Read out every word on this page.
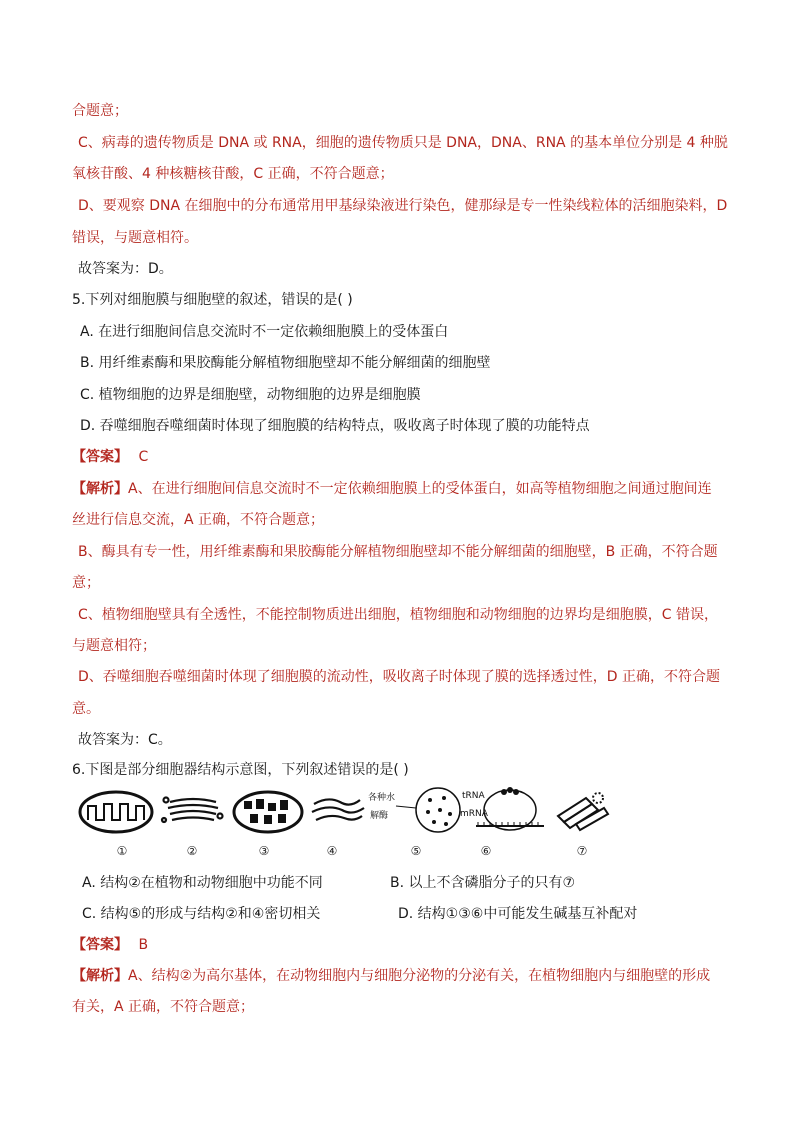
合题意；
C、病毒的遗传物质是 DNA 或 RNA，细胞的遗传物质只是 DNA，DNA、RNA 的基本单位分别是 4 种脱
氧核苷酸、4 种核糖核苷酸，C 正确，不符合题意；
D、要观察 DNA 在细胞中的分布通常用甲基绿染液进行染色，健那绿是专一性染线粒体的活细胞染料，D
错误，与题意相符。
故答案为：D。
5.下列对细胞膜与细胞壁的叙述，错误的是( )
A. 在进行细胞间信息交流时不一定依赖细胞膜上的受体蛋白
B. 用纤维素酶和果胶酶能分解植物细胞壁却不能分解细菌的细胞壁
C. 植物细胞的边界是细胞壁，动物细胞的边界是细胞膜
D. 吞噬细胞吞噬细菌时体现了细胞膜的结构特点，吸收离子时体现了膜的功能特点
【答案】 C
【解析】A、在进行细胞间信息交流时不一定依赖细胞膜上的受体蛋白，如高等植物细胞之间通过胞间连
丝进行信息交流，A 正确，不符合题意；
B、酶具有专一性，用纤维素酶和果胶酶能分解植物细胞壁却不能分解细菌的细胞壁，B 正确，不符合题
意；
C、植物细胞壁具有全透性，不能控制物质进出细胞，植物细胞和动物细胞的边界均是细胞膜，C 错误，
与题意相符；
D、吞噬细胞吞噬细菌时体现了细胞膜的流动性，吸收离子时体现了膜的选择透过性，D 正确，不符合题
意。
故答案为：C。
6.下图是部分细胞器结构示意图，下列叙述错误的是( )
各种水
解酶
tRNA
mRNA
①	②	③	④	⑤	⑥	⑦
A. 结构②在植物和动物细胞中功能不同	B. 以上不含磷脂分子的只有⑦
C. 结构⑤的形成与结构②和④密切相关	D. 结构①③⑥中可能发生碱基互补配对
【答案】 B
【解析】A、结构②为高尔基体，在动物细胞内与细胞分泌物的分泌有关，在植物细胞内与细胞壁的形成
有关，A 正确，不符合题意；
